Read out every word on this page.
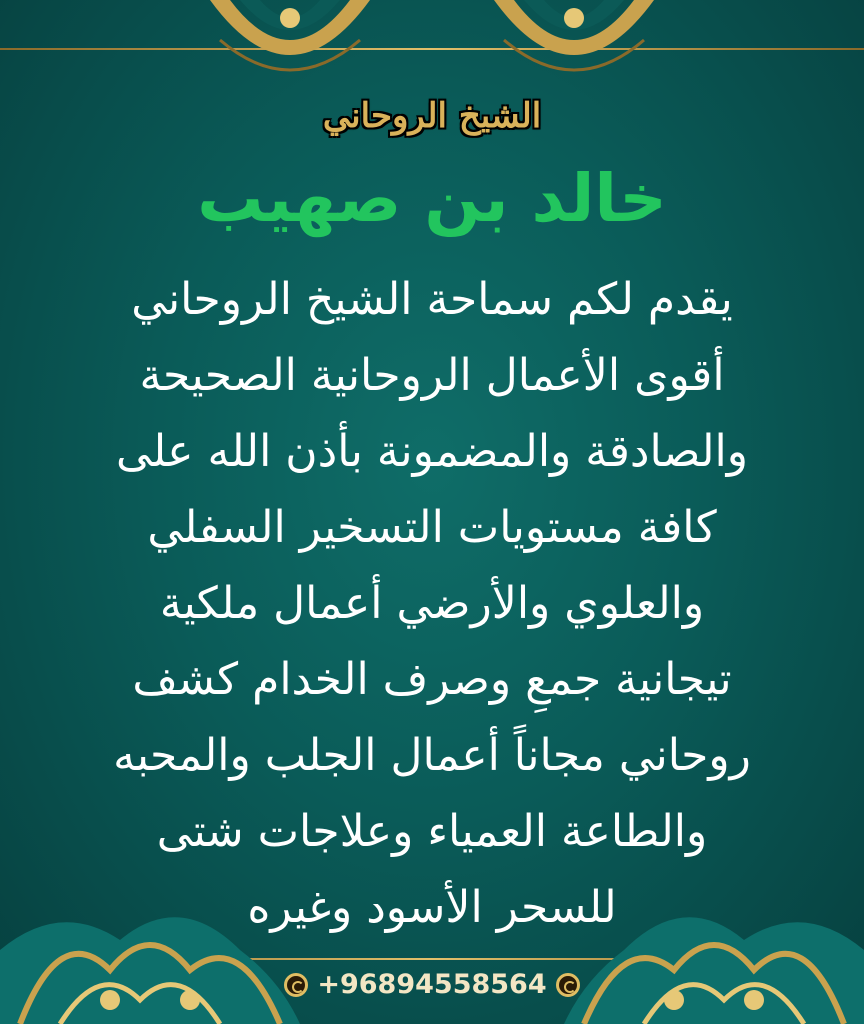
الشيخ الروحاني
خالد بن صهيب
يقدم لكم سماحة الشيخ الروحاني
أقوى الأعمال الروحانية الصحيحة
والصادقة والمضمونة بأذن الله على
كافة مستويات التسخير السفلي
والعلوي والأرضي أعمال ملكية
تيجانية جمعِ وصرف الخدام كشف
روحاني مجاناً أعمال الجلب والمحبه
والطاعة العمياء وعلاجات شتى
للسحر الأسود وغيره
+96894558564
